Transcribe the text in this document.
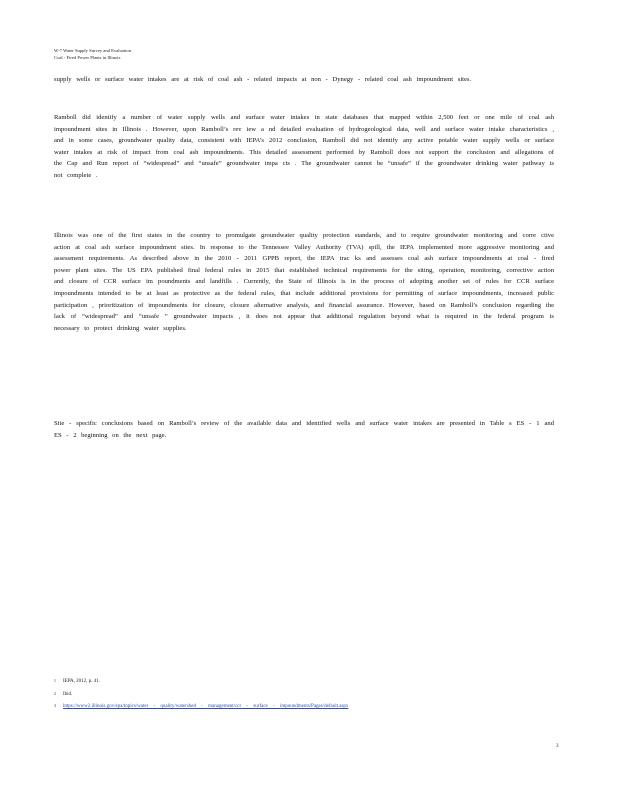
W-7 Water Supply Survey and Evaluation
Coal - Fired Power Plants in Illinois
supply wells or surface water intakes are at risk of coal ash - related impacts at non - Dynegy - related coal ash impoundment sites.
Ramboll did identify a number of water supply wells and surface water intakes in state databases that mapped within 2,500 feet or one mile of coal ash impoundment sites in Illinois . However, upon Ramboll’s rev iew a nd detailed evaluation of hydrogeological data, well and surface water intake characteristics , and in some cases, groundwater quality data, consistent with IEPA’s 2012 conclusion, Ramboll did not identify any active potable water supply wells or surface water intakes at risk of impact from coal ash impoundments. This detailed assessment performed by Ramboll does not support the conclusion and allegations of the Cap and Run report of “widespread” and “unsafe” groundwater impa cts . The groundwater cannot be “unsafe” if the groundwater drinking water pathway is not complete .
Illinois was one of the first states in the country to promulgate groundwater quality protection standards, and to require groundwater monitoring and corre ctive action at coal ash surface impoundment sites. In response to the Tennessee Valley Authority (TVA) spill, the IEPA implemented more aggressive monitoring and assessment requirements. As described above in the 2010 - 2011 GPPB report, the IEPA trac ks and assesses coal ash surface impoundments at coal - fired power plant sites. The US EPA published final federal rules in 2015 that established technical requirements for the siting, operation, monitoring, corrective action and closure of CCR surface im poundments and landfills . Currently, the State of Illinois is in the process of adopting another set of rules for CCR surface impoundments intended to be at least as protective as the federal rules, that include additional provisions for permitting of surface impoundments, increased public participation , prioritization of impoundments for closure, closure alternative analysis, and financial assurance. However, based on Ramboll’s conclusion regarding the lack of “widespread” and “unsafe ” groundwater impacts , it does not appear that additional regulation beyond what is required in the federal program is necessary to protect drinking water supplies.
Site - specific conclusions based on Ramboll’s review of the available data and identified wells and surface water intakes are presented in Table s ES - 1 and ES - 2 beginning on the next page.
1 IEPA, 2012, p. 41.
2 Ibid.
3 https://www2.illinois.gov/epa/topics/water - quality/watershed - management/ccr - surface - impoundments/Pages/default.aspx
3
